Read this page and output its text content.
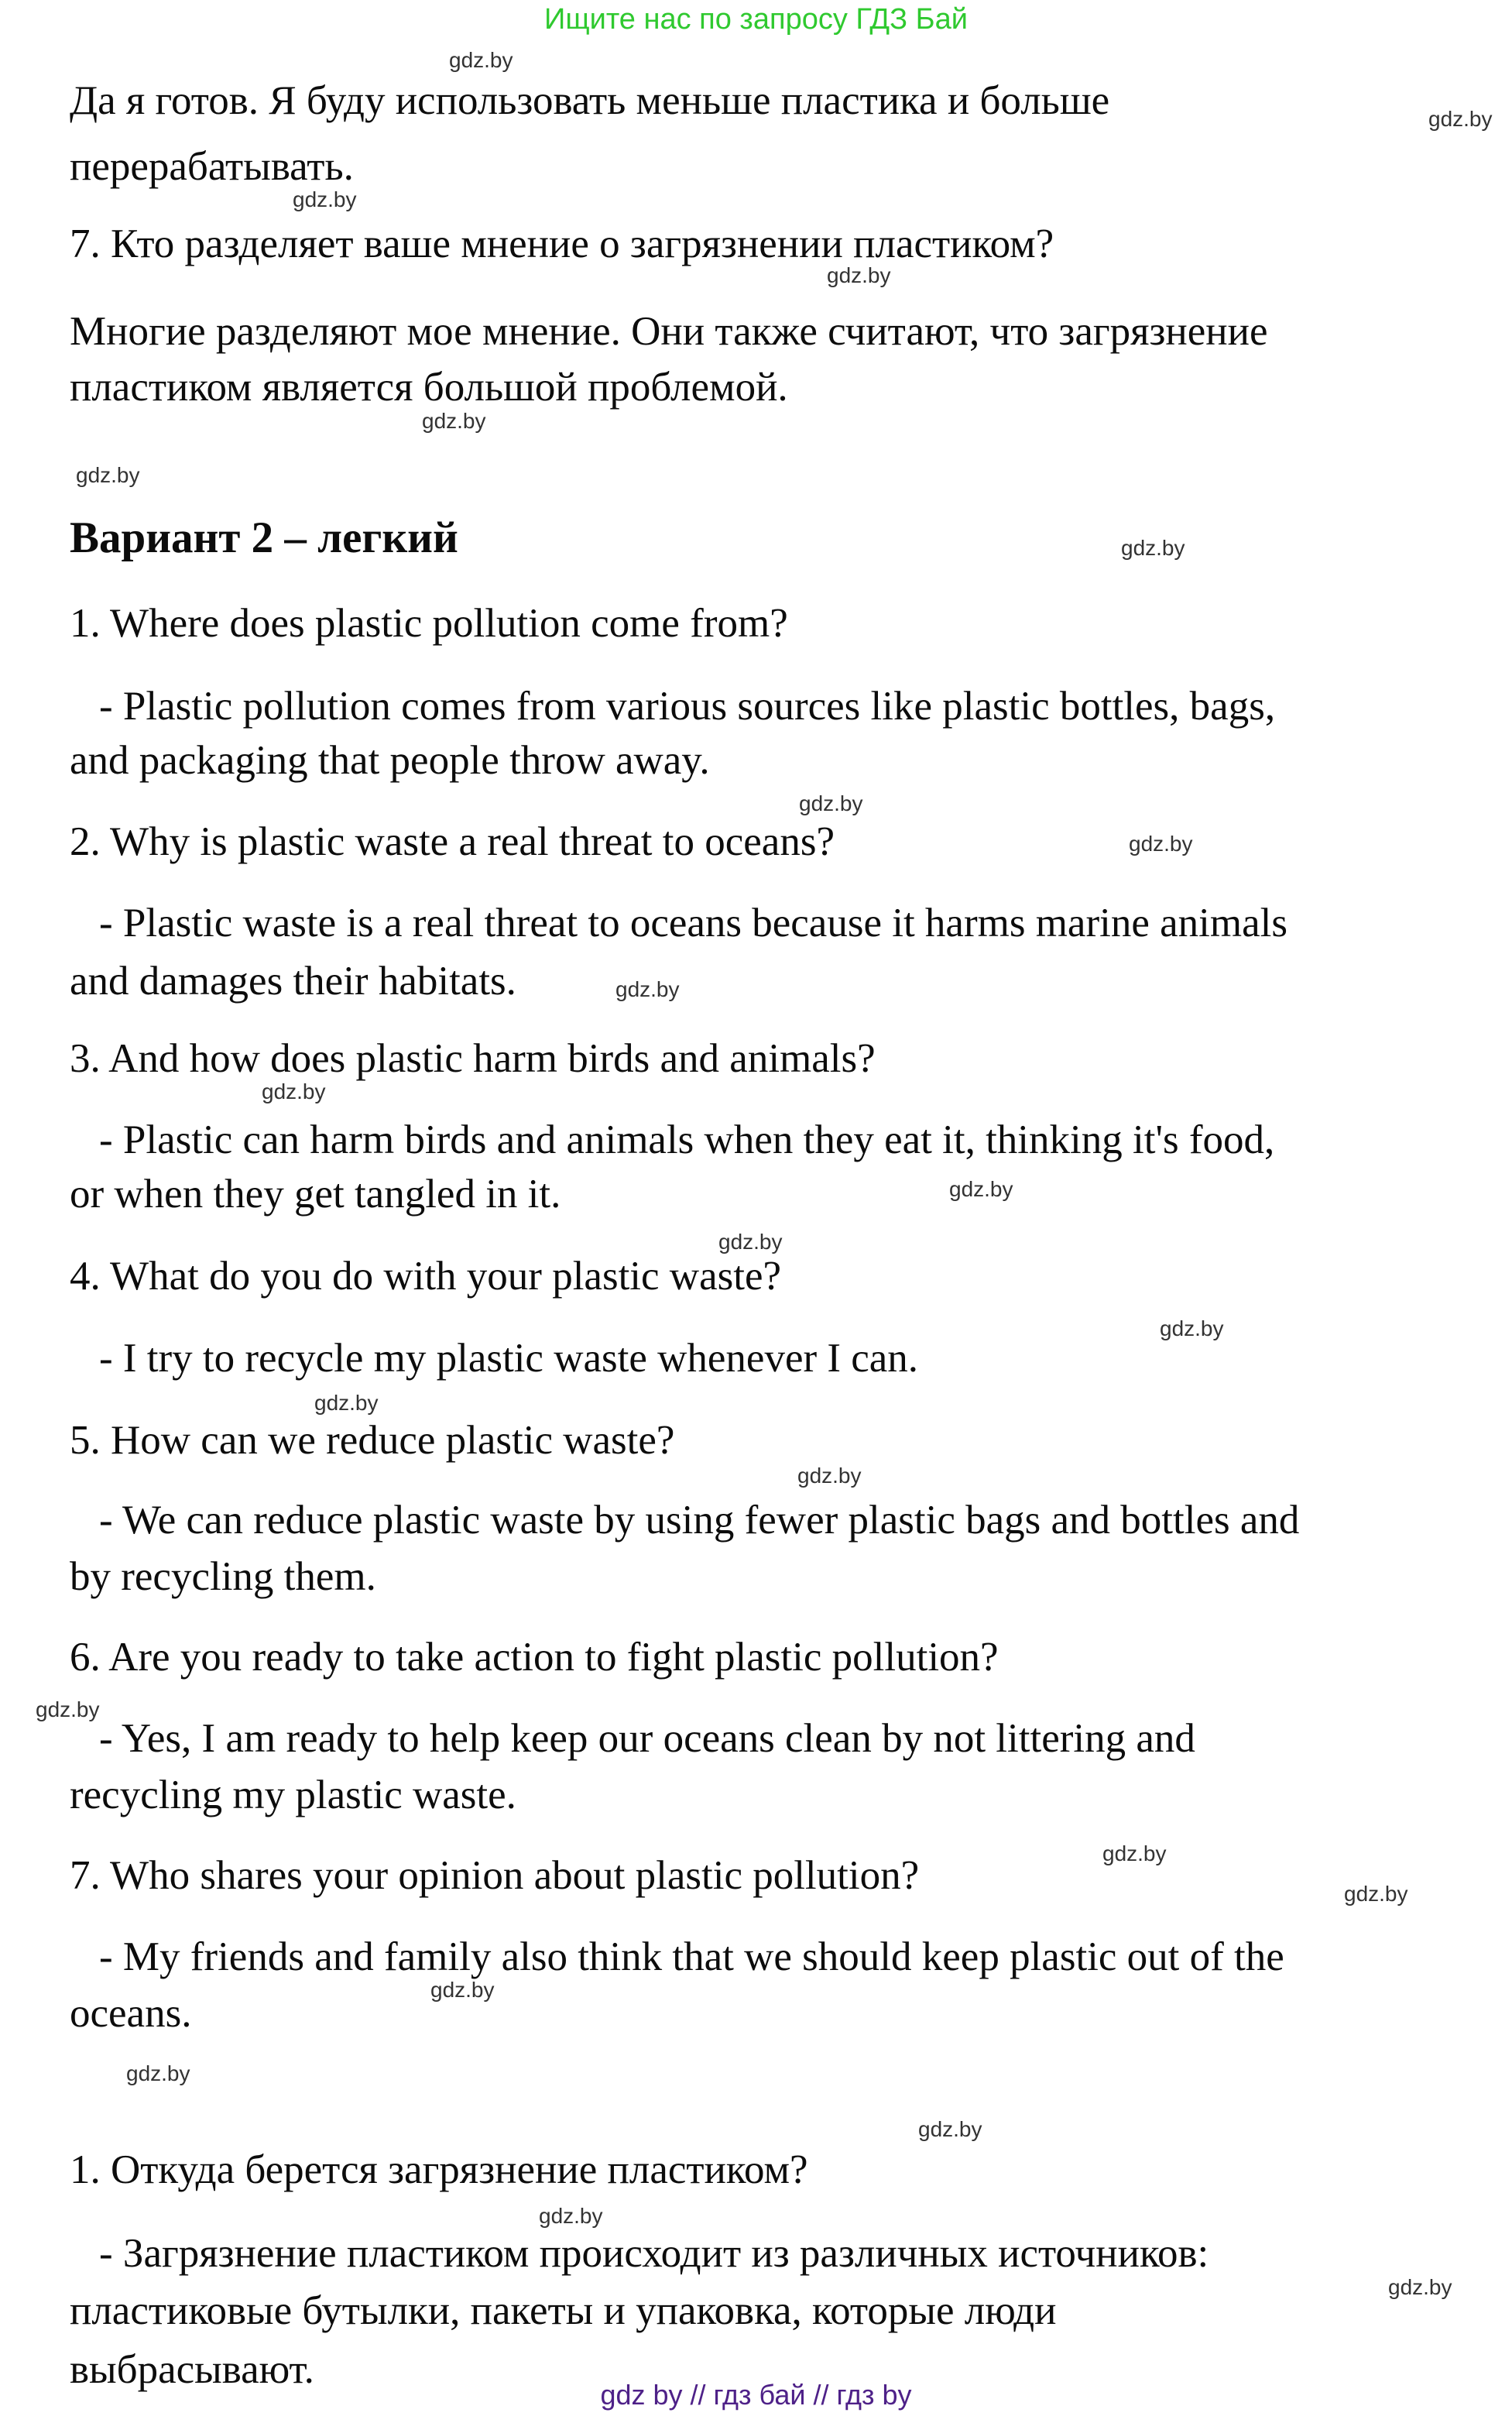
Ищите нас по запросу ГДЗ Бай
gdz by // гдз бай // гдз by
Да я готов. Я буду использовать меньше пластика и больше
перерабатывать.
7. Кто разделяет ваше мнение о загрязнении пластиком?
Многие разделяют мое мнение. Они также считают, что загрязнение
пластиком является большой проблемой.
Вариант 2 – легкий
1. Where does plastic pollution come from?
- Plastic pollution comes from various sources like plastic bottles, bags,
and packaging that people throw away.
2. Why is plastic waste a real threat to oceans?
- Plastic waste is a real threat to oceans because it harms marine animals
and damages their habitats.
3. And how does plastic harm birds and animals?
- Plastic can harm birds and animals when they eat it, thinking it's food,
or when they get tangled in it.
4. What do you do with your plastic waste?
- I try to recycle my plastic waste whenever I can.
5. How can we reduce plastic waste?
- We can reduce plastic waste by using fewer plastic bags and bottles and
by recycling them.
6. Are you ready to take action to fight plastic pollution?
- Yes, I am ready to help keep our oceans clean by not littering and
recycling my plastic waste.
7. Who shares your opinion about plastic pollution?
- My friends and family also think that we should keep plastic out of the
oceans.
1. Откуда берется загрязнение пластиком?
- Загрязнение пластиком происходит из различных источников:
пластиковые бутылки, пакеты и упаковка, которые люди
выбрасывают.
gdz.by
gdz.by
gdz.by
gdz.by
gdz.by
gdz.by
gdz.by
gdz.by
gdz.by
gdz.by
gdz.by
gdz.by
gdz.by
gdz.by
gdz.by
gdz.by
gdz.by
gdz.by
gdz.by
gdz.by
gdz.by
gdz.by
gdz.by
gdz.by
